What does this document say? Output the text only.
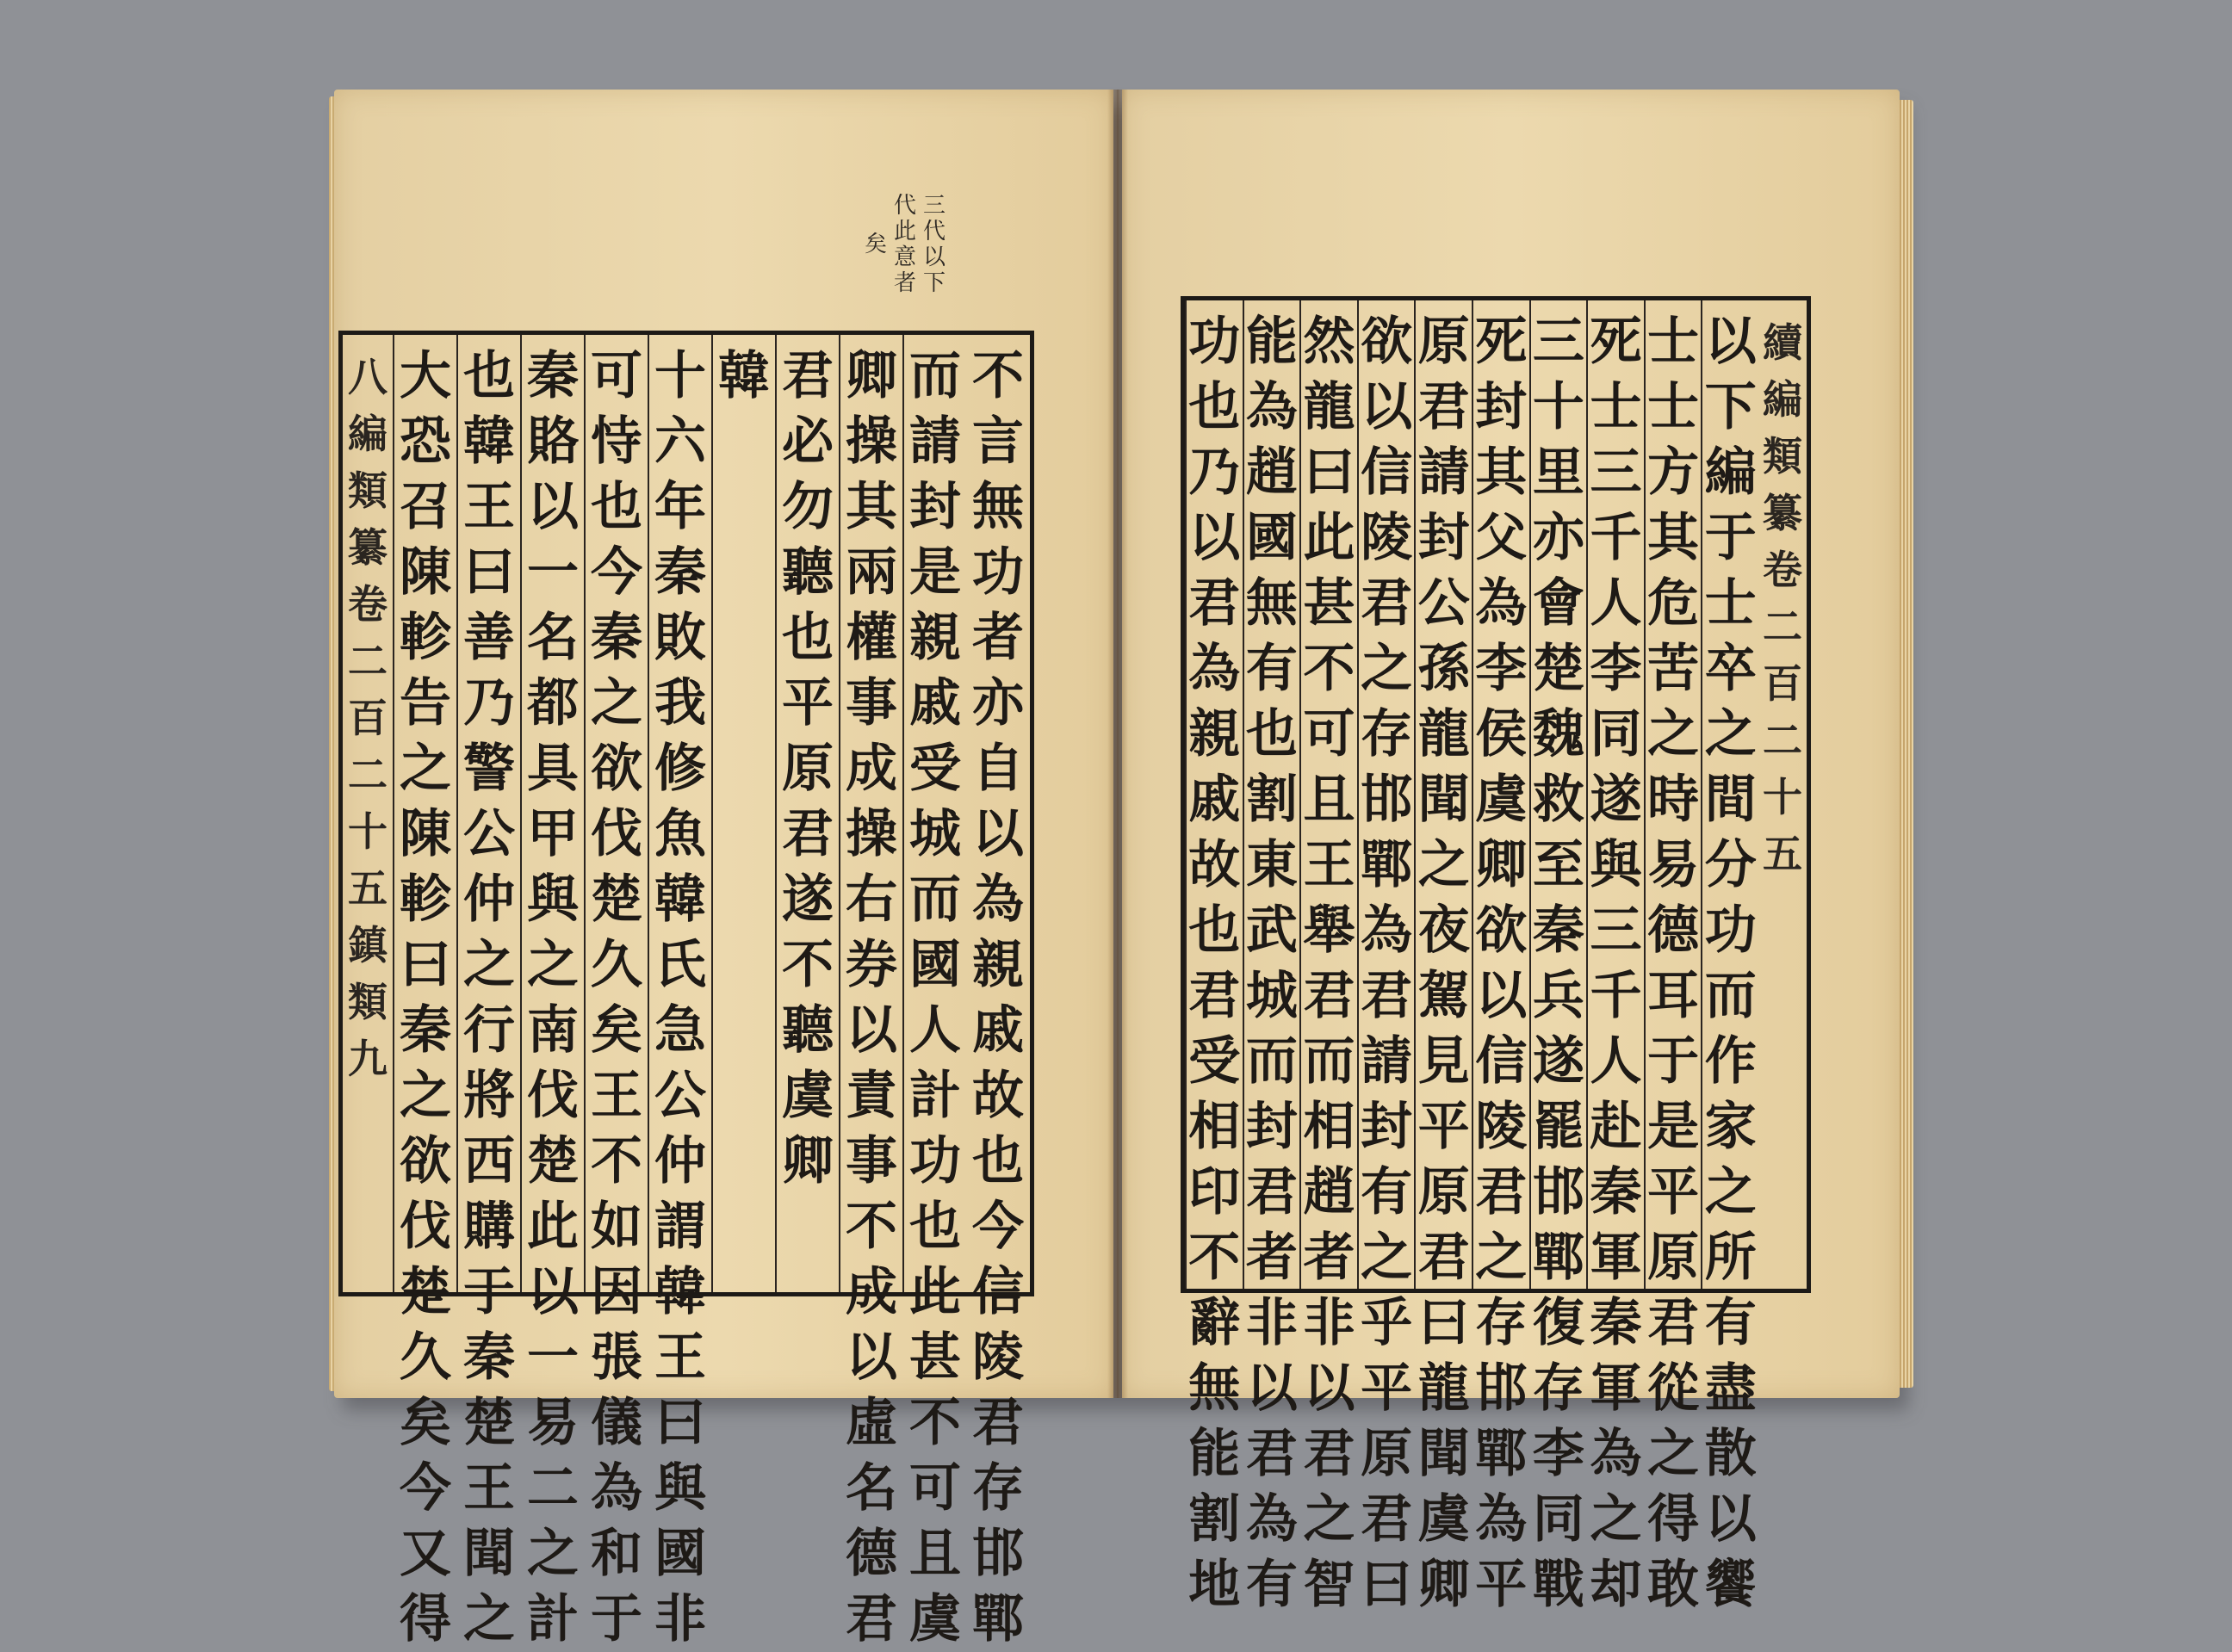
三
代
以
下
代
此
意
者
矣
八
編
類
纂
卷
二
百
二
十
五
鎮
類
九
大
恐
召
陳
軫
告
之
陳
軫
曰
秦
之
欲
伐
楚
久
矣
今
又
得
也
韓
王
曰
善
乃
警
公
仲
之
行
將
西
購
于
秦
楚
王
聞
之
秦
賂
以
一
名
都
具
甲
與
之
南
伐
楚
此
以
一
易
二
之
計
可
恃
也
今
秦
之
欲
伐
楚
久
矣
王
不
如
因
張
儀
為
和
于
十
六
年
秦
敗
我
修
魚
韓
氏
急
公
仲
謂
韓
王
曰
與
國
非
韓 君
必
勿
聽
也
平
原
君
遂
不
聽
虞
卿
卿
操
其
兩
權
事
成
操
右
券
以
責
事
不
成
以
虛
名
德
君
而
請
封
是
親
戚
受
城
而
國
人
計
功
也
此
甚
不
可
且
虞
不
言
無
功
者
亦
自
以
為
親
戚
故
也
今
信
陵
君
存
邯
鄲
以
下
編
于
士
卒
之
間
分
功
而
作
家
之
所
有
盡
散
以
饗
士
士
方
其
危
苦
之
時
易
德
耳
于
是
平
原
君
從
之
得
敢
死
士
三
千
人
李
同
遂
與
三
千
人
赴
秦
軍
秦
軍
為
之
却
三
十
里
亦
會
楚
魏
救
至
秦
兵
遂
罷
邯
鄲
復
存
李
同
戰
死
封
其
父
為
李
侯
虞
卿
欲
以
信
陵
君
之
存
邯
鄲
為
平
原
君
請
封
公
孫
龍
聞
之
夜
駕
見
平
原
君
曰
龍
聞
虞
卿
欲
以
信
陵
君
之
存
邯
鄲
為
君
請
封
有
之
乎
平
原
君
曰
然
龍
曰
此
甚
不
可
且
王
舉
君
而
相
趙
者
非
以
君
之
智
能
為
趙
國
無
有
也
割
東
武
城
而
封
君
者
非
以
君
為
有
功
也
乃
以
君
為
親
戚
故
也
君
受
相
印
不
辭
無
能
割
地
續
編
類
纂
卷
二
百
二
十
五
